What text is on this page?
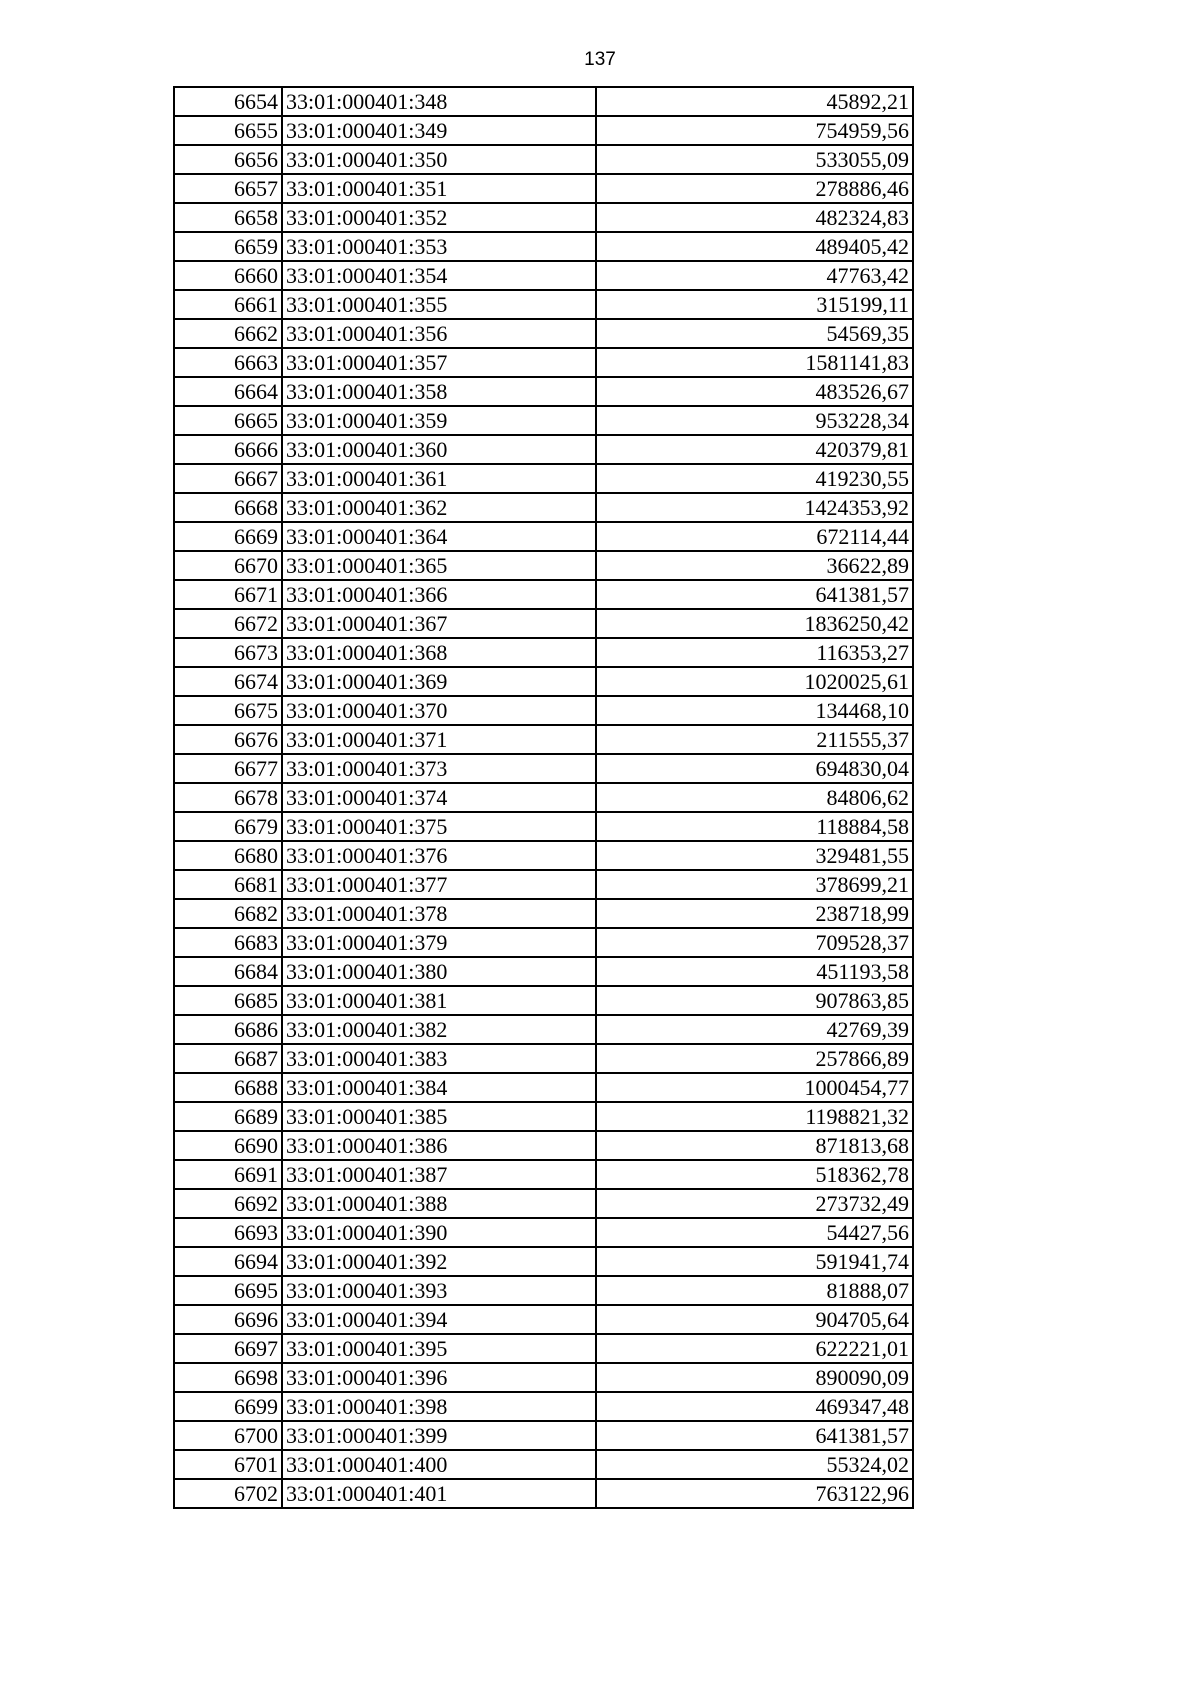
137
6654	33:01:000401:348	45892,21
6655	33:01:000401:349	754959,56
6656	33:01:000401:350	533055,09
6657	33:01:000401:351	278886,46
6658	33:01:000401:352	482324,83
6659	33:01:000401:353	489405,42
6660	33:01:000401:354	47763,42
6661	33:01:000401:355	315199,11
6662	33:01:000401:356	54569,35
6663	33:01:000401:357	1581141,83
6664	33:01:000401:358	483526,67
6665	33:01:000401:359	953228,34
6666	33:01:000401:360	420379,81
6667	33:01:000401:361	419230,55
6668	33:01:000401:362	1424353,92
6669	33:01:000401:364	672114,44
6670	33:01:000401:365	36622,89
6671	33:01:000401:366	641381,57
6672	33:01:000401:367	1836250,42
6673	33:01:000401:368	116353,27
6674	33:01:000401:369	1020025,61
6675	33:01:000401:370	134468,10
6676	33:01:000401:371	211555,37
6677	33:01:000401:373	694830,04
6678	33:01:000401:374	84806,62
6679	33:01:000401:375	118884,58
6680	33:01:000401:376	329481,55
6681	33:01:000401:377	378699,21
6682	33:01:000401:378	238718,99
6683	33:01:000401:379	709528,37
6684	33:01:000401:380	451193,58
6685	33:01:000401:381	907863,85
6686	33:01:000401:382	42769,39
6687	33:01:000401:383	257866,89
6688	33:01:000401:384	1000454,77
6689	33:01:000401:385	1198821,32
6690	33:01:000401:386	871813,68
6691	33:01:000401:387	518362,78
6692	33:01:000401:388	273732,49
6693	33:01:000401:390	54427,56
6694	33:01:000401:392	591941,74
6695	33:01:000401:393	81888,07
6696	33:01:000401:394	904705,64
6697	33:01:000401:395	622221,01
6698	33:01:000401:396	890090,09
6699	33:01:000401:398	469347,48
6700	33:01:000401:399	641381,57
6701	33:01:000401:400	55324,02
6702	33:01:000401:401	763122,96
